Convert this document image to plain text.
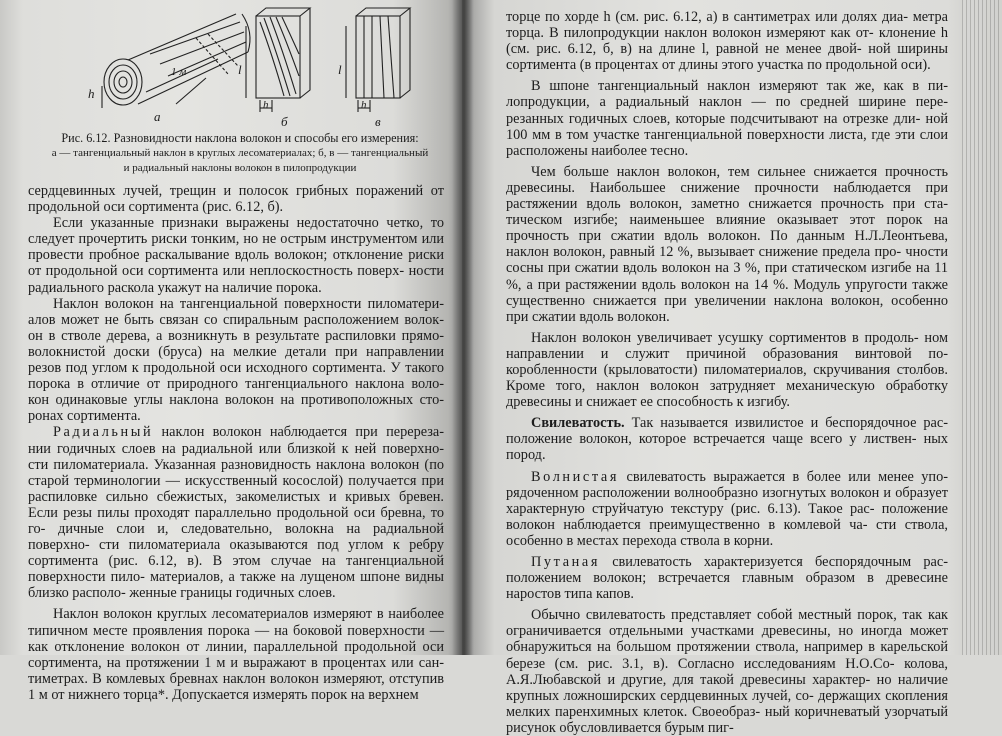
h
1 м
а
l
h
б
l
h
в
Рис. 6.12. Разновидности наклона волокон и способы его измерения:
а — тангенциальный наклон в круглых лесоматериалах; б, в — тангенциальный
и радиальный наклоны волокон в пилопродукции

сердцевинных лучей, трещин и полосок грибных поражений от продольной оси сортимента (рис. 6.12, б).

Если указанные признаки выражены недостаточно четко, то следует прочертить риски тонким, но не острым инструментом или провести пробное раскалывание вдоль волокон; отклонение риски от продольной оси сортимента или неплоскостность поверх- ности радиального раскола укажут на наличие порока.

Наклон волокон на тангенциальной поверхности пиломатери- алов может не быть связан со спиральным расположением волок- он в стволе дерева, а возникнуть в результате распиловки прямо- волокнистой доски (бруса) на мелкие детали при направлении резов под углом к продольной оси исходного сортимента. У такого порока в отличие от природного тангенциального наклона воло- кон одинаковые углы наклона волокон на противоположных сто- ронах сортимента.

Радиальный наклон волокон наблюдается при перереза- нии годичных слоев на радиальной или близкой к ней поверхно- сти пиломатериала. Указанная разновидность наклона волокон (по старой терминологии — искусственный косослой) получается при распиловке сильно сбежистых, закомелистых и кривых бревен. Если резы пилы проходят параллельно продольной оси бревна, то го- дичные слои и, следовательно, волокна на радиальной поверхно- сти пиломатериала оказываются под углом к ребру сортимента (рис. 6.12, в). В этом случае на тангенциальной поверхности пило- материалов, а также на лущеном шпоне видны близко располо- женные границы годичных слоев.

Наклон волокон круглых лесоматериалов измеряют в наиболее типичном месте проявления порока — на боковой поверхности — как отклонение волокон от линии, параллельной продольной оси сортимента, на протяжении 1 м и выражают в процентах или сан- тиметрах. В комлевых бревнах наклон волокон измеряют, отступив 1 м от нижнего торца*. Допускается измерять порок на верхнем

торце по хорде h (см. рис. 6.12, а) в сантиметрах или долях диа- метра торца. В пилопродукции наклон волокон измеряют как от- клонение h (см. рис. 6.12, б, в) на длине l, равной не менее двой- ной ширины сортимента (в процентах от длины этого участка по продольной оси).

В шпоне тангенциальный наклон измеряют так же, как в пи- лопродукции, а радиальный наклон — по средней ширине пере- резанных годичных слоев, которые подсчитывают на отрезке дли- ной 100 мм в том участке тангенциальной поверхности листа, где эти слои расположены наиболее тесно.

Чем больше наклон волокон, тем сильнее снижается прочность древесины. Наибольшее снижение прочности наблюдается при растяжении вдоль волокон, заметно снижается прочность при ста- тическом изгибе; наименьшее влияние оказывает этот порок на прочность при сжатии вдоль волокон. По данным Н.Л.Леонтьева, наклон волокон, равный 12 %, вызывает снижение предела про- чности сосны при сжатии вдоль волокон на 3 %, при статическом изгибе на 11 %, а при растяжении вдоль волокон на 14 %. Модуль упругости также существенно снижается при увеличении наклона волокон, особенно при сжатии вдоль волокон.

Наклон волокон увеличивает усушку сортиментов в продоль- ном направлении и служит причиной образования винтовой по- коробленности (крыловатости) пиломатериалов, скручивания столбов. Кроме того, наклон волокон затрудняет механическую обработку древесины и снижает ее способность к изгибу.

Свилеватость. Так называется извилистое и беспорядочное рас- положение волокон, которое встречается чаще всего у листвен- ных пород.

Волнистая свилеватость выражается в более или менее упо- рядоченном расположении волнообразно изогнутых волокон и образует характерную струйчатую текстуру (рис. 6.13). Такое рас- положение волокон наблюдается преимущественно в комлевой ча- сти ствола, особенно в местах перехода ствола в корни.

Путаная свилеватость характеризуется беспорядочным рас- положением волокон; встречается главным образом в древесине наростов типа капов.

Обычно свилеватость представляет собой местный порок, так как ограничивается отдельными участками древесины, но иногда может обнаружиться на большом протяжении ствола, например в карельской березе (см. рис. 3.1, в). Согласно исследованиям Н.О.Со- колова, А.Я.Любавской и другие, для такой древесины характер- но наличие крупных ложноширских сердцевинных лучей, со- держащих скопления мелких паренхимных клеток. Своеобраз- ный коричневатый узорчатый рисунок обусловливается бурым пиг-
